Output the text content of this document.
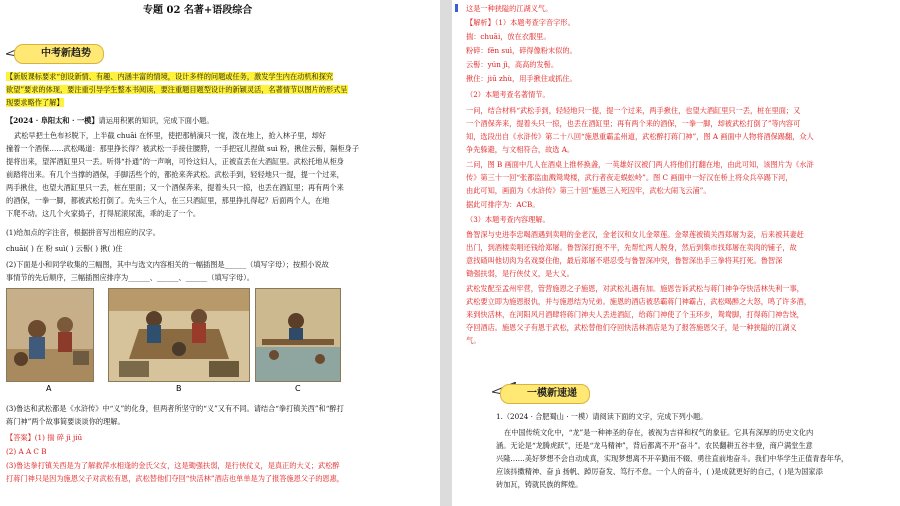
专题 02 名著+语段综合
中考新趋势
【新版课标要求“创设新情、有趣、内涵丰富的情境，设计多样的问题或任务，激发学生内在动机和探究
欲望”要求的体现，要注重引导学生整本书阅读，要注重题目题型设计的新颖灵活，名著情节以图片的形式呈
现要求略作了解】
【2024 · 阜阳太和 · 一模】请运用积累的知识，完成下面小题。
武松早把土色布衫脱下，上半截 chuāi 在怀里，使把那梢滴只一搅，泼在地上，抢入林子里，却好
撞着一个酒保……武松喝道：那里挣长得？被武松一手接住腰胯，一手把冠儿捏做 suì 粉，揪住云髻，隔柜身子
提将出来，望浑酒缸里只一丢。听得“扑通”的一声响，可怜这妇人，正被直丢在大酒缸里。武松托地从柜身
前踏将出来。有几个当撑的酒保，手脚活些个的，都抢来奔武松。武松手到，轻轻地只一提，提一个过来，
两手揪住，也望大酒缸里只一丢，桩在里面；又一个酒保奔来，提着头只一掠，也丢在酒缸里；再有两个来
的酒保，一拳一脚，都被武松打倒了。先头三个人，在三只酒缸里，那里挣扎得起？后面两个人，在地
下爬不动。这几个火家捣子，打得屁滚尿流，乖的走了一个。
(1)给加点的字注音，根据拼音写出相应的汉字。
chuāi( ) 在 粉 suì( ) 云髻( ) 揪( )住
(2)下面是小和同学收集的三幅图，其中与选文内容相关的一幅插图是______（填写字母）；按照小说故
事情节的先后顺序，三幅插图应排序为______、______、______（填写字母）。
A	B	C
(3)鲁达和武松都是《水浒传》中“义”的化身，但两者所坚守的“义”又有不同。请结合“拳打镇关西”和“醉打
蒋门神”两个故事简要谈谈你的理解。
【答案】(1) 揣 碎 jì jiū
(2) A A C B
(3)鲁达拳打镇关西是为了解救萍水相逢的金氏父女，这是锄强扶弱，是行侠仗义，是真正的大义；武松醉
打蒋门神只是因为施恩父子对武松有恩，武松替他们夺回“快活林”酒店也单单是为了报答施恩父子的恩惠，
这是一种狭隘的江湖义气。
【解析】（1）本题考查字音字形。
揣：chuāi，放在衣服里。
粉碎：fěn suì，碎得像粉末似的。
云髻：yún jì，高高的发髻。
揪住：jiū zhù，用手揪住或抓住。
（2）本题考查名著情节。
一问，结合材料“武松手到，轻轻地只一提，提一个过来，两手揪住，也望大酒缸里只一丢，桩在里面；又
一个酒保奔来，提着头只一掠，也丢在酒缸里；再有两个来的酒保，一拳一脚，却被武松打倒了”等内容可
知，选段出自《水浒传》第二十八回“施恩重霸孟州道，武松醉打蒋门神”，图 A 画面中人物将酒保踢翻，众人
争先躲避，与文相符合，故选 A。
二问，图 B 画面中几人在酒桌上推杯换盏，一英雄好汉被门两人将他们打翻在地，由此可知，该图片为《水浒
传》第三十一回“张都监血溅鸳鸯楼，武行者夜走蜈蚣岭”。图 C 画面中一好汉在桥上将众兵卒踢下河，
由此可知，画面为《水浒传》第三十回“施恩三入死囚牢，武松大闹飞云浦”。
据此可排序为：ACB。
（3）本题考查内容理解。
鲁智深与史进李忠喝酒遇到卖唱的金老汉，金老汉和女儿金翠莲。金翠莲被镇关西郑屠为妾，后来被其妻赶
出门，到酒楼卖唱还钱给郑屠。鲁智深打抱不平，先帮忙两人脱身，然后到集市找郑屠在卖肉的铺子，故
意找碴叫他切肉为名戏耍住他，最后郑屠不堪忍受与鲁智深冲突，鲁智深出手三拳将其打死。鲁智深
锄强扶弱，是行侠仗义，是大义。
武松发配至孟州牢营，管营施恩之子施恩，对武松礼遇有加。施恩告诉武松与蒋门神争夺快活林失利一事，
武松要立即为施恩报仇，并与施恩结为兄弟。施恩的酒店被恶霸蒋门神霸占，武松喝醉之大怒，鸣了许多酒，
来到快活林，在河阳风月酒肆将蒋门神夫人丢进酒缸，给蒋门神使了个玉环步，鸳鸯脚，打得蒋门神告饶，
夺回酒店。施恩父子有恩于武松，武松替他们夺回快活林酒店是为了报答施恩父子，是一种狭隘的江湖义
气。
一模新速递
1.（2024 · 合肥蜀山 · 一模）请阅读下面的文字，完成下列小题。
在中国传统文化中，“龙”是一种神圣的存在，被视为吉祥和权气的象征。它具有深厚的历史文化内
涵。无论是“龙腾虎跃”，还是“龙马精神”，背后都离不开“奋斗”。农民翻耕五谷丰登，商户满堂生意
兴隆……美好梦想不会自动成真，实现梦想离不开辛勤而不辍、勇往直前地奋斗。我们中华学生正值青春年华，
应该抖擞精神、奋 jì 扬帆、踔厉奋发、笃行不怠。一个人的奋斗，( )是成就更好的自己，( )是为国家添
砖加瓦，铸就民族的辉煌。
